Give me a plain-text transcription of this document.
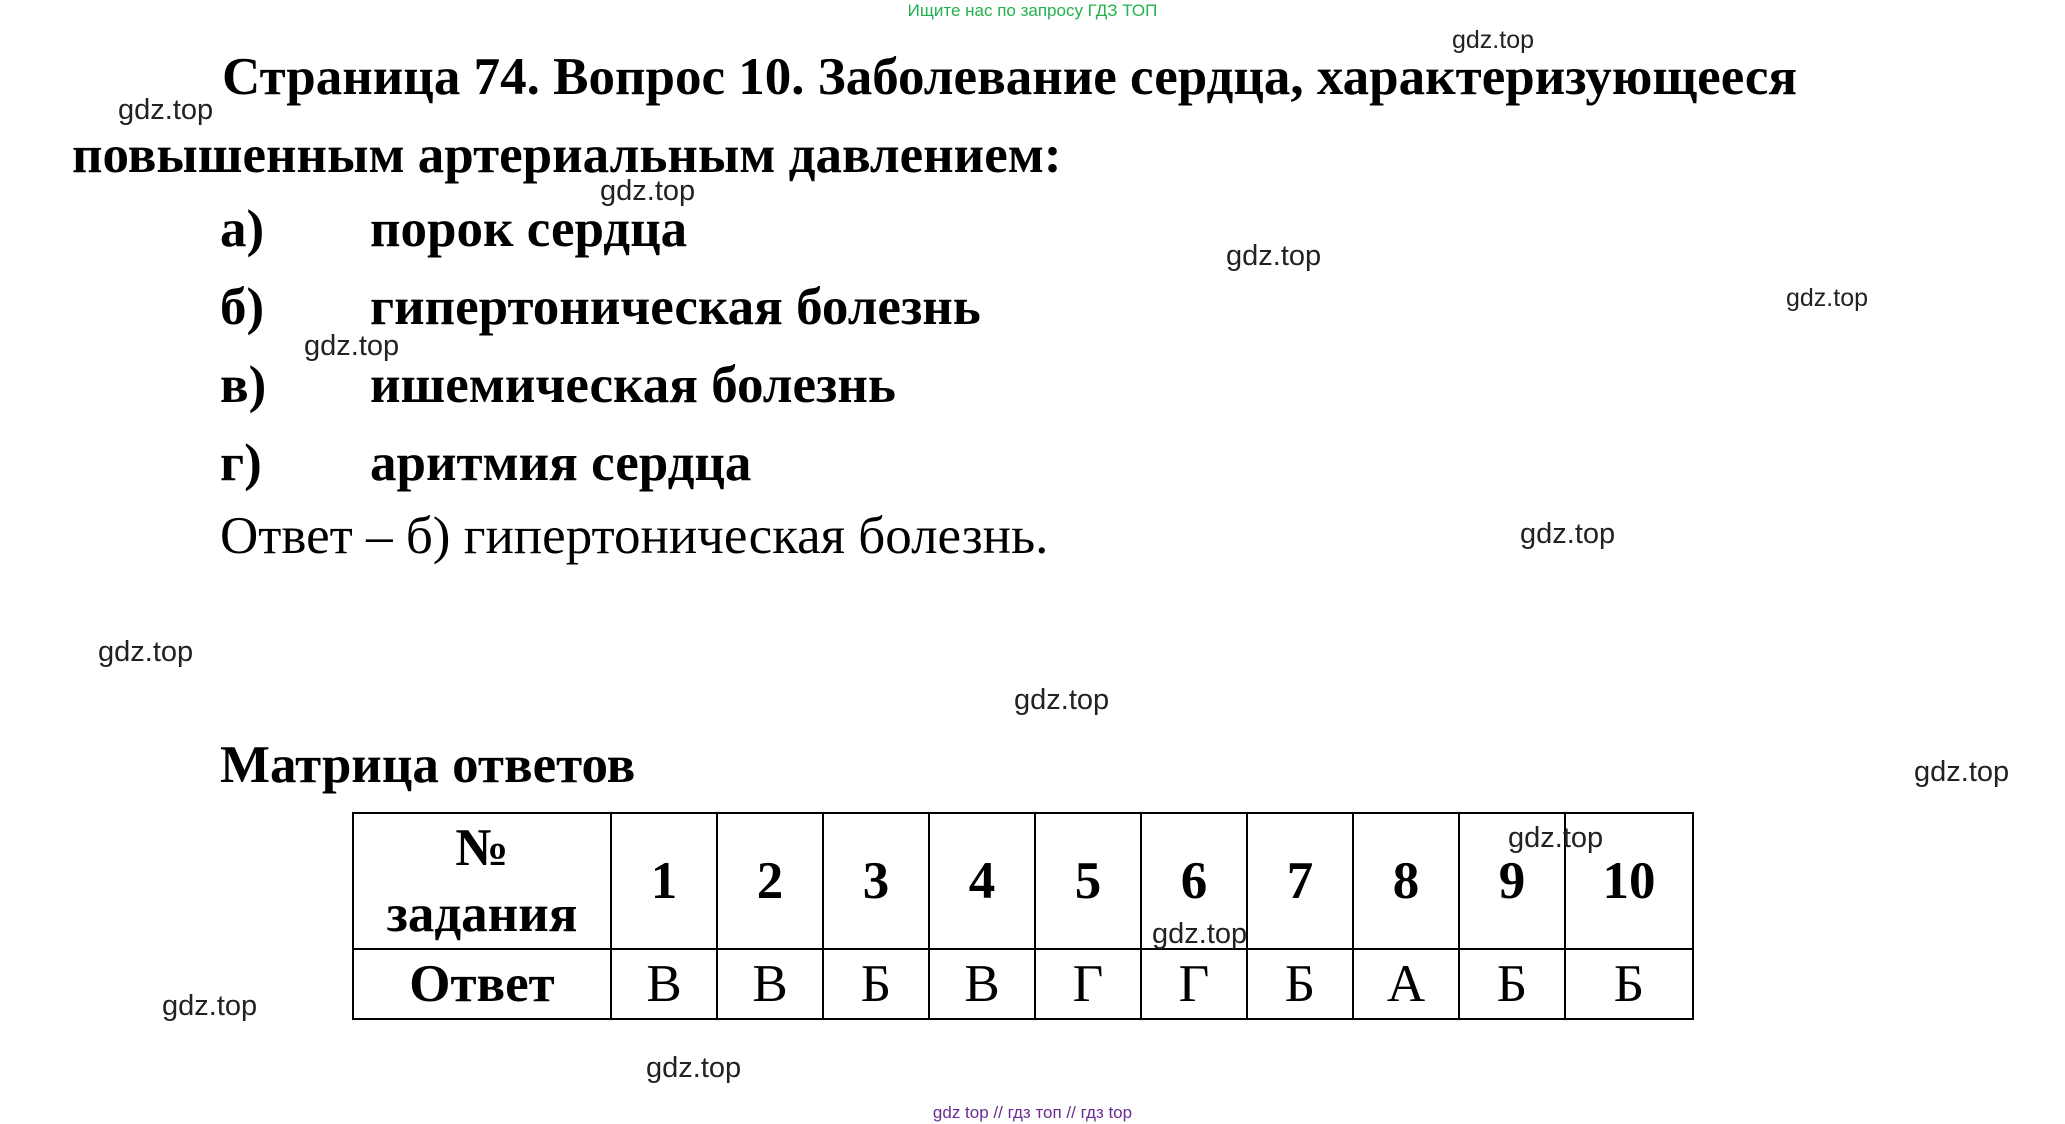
Ищите нас по запросу ГДЗ ТОП
Страница 74. Вопрос 10. Заболевание сердца, характеризующееся
повышенным артериальным давлением:
а)	порок сердца
б)	гипертоническая болезнь
в)	ишемическая болезнь
г)	аритмия сердца
Ответ – б) гипертоническая болезнь.
Матрица ответов
№
задания	1	2	3	4	5	6	7	8	9	10
Ответ	В	В	Б	В	Г	Г	Б	А	Б	Б
gdz.top
gdz.top
gdz.top
gdz.top
gdz.top
gdz.top
gdz.top
gdz.top
gdz.top
gdz.top
gdz.top
gdz.top
gdz.top
gdz.top
gdz top // гдз топ // гдз top
